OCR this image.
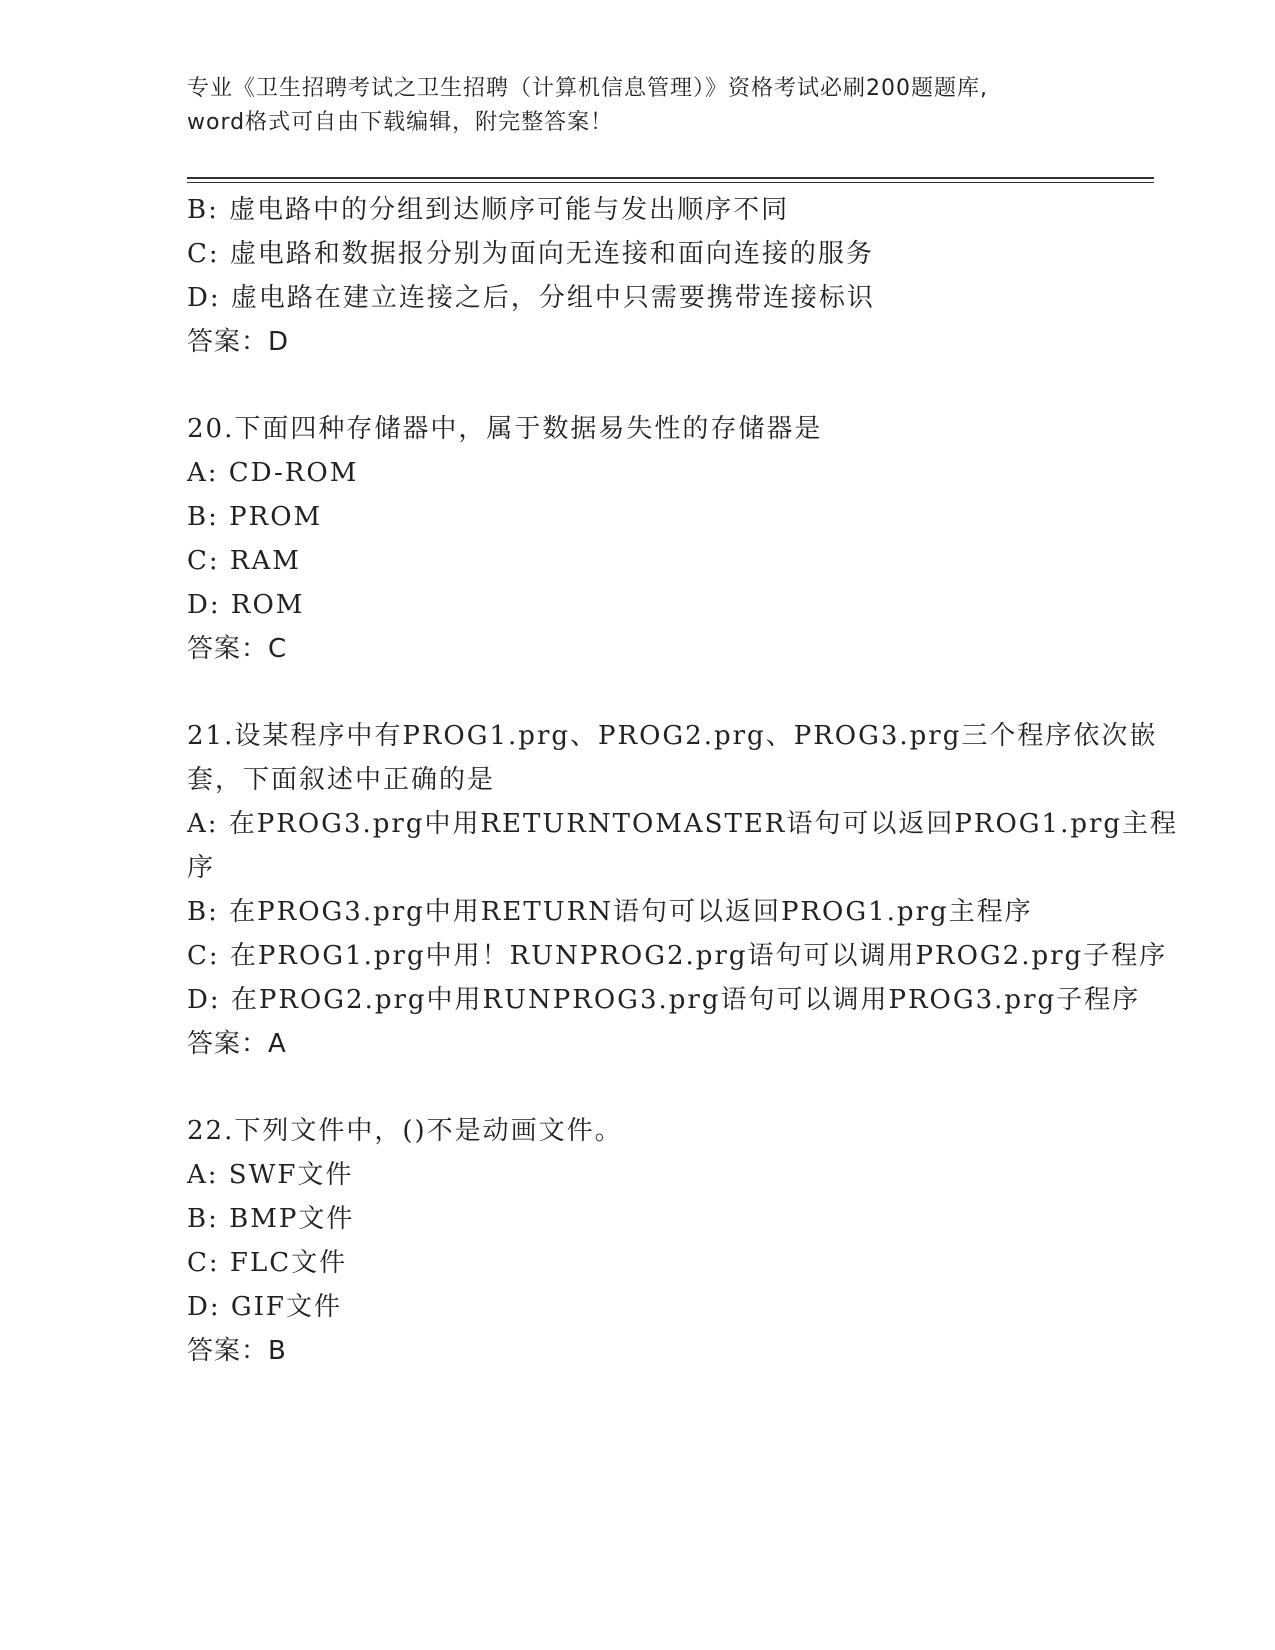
专业《卫生招聘考试之卫生招聘（计算机信息管理）》资格考试必刷200题题库,
word格式可自由下载编辑，附完整答案！
B: 虚电路中的分组到达顺序可能与发出顺序不同
C: 虚电路和数据报分别为面向无连接和面向连接的服务
D: 虚电路在建立连接之后，分组中只需要携带连接标识
答案：D
20.下面四种存储器中，属于数据易失性的存储器是
A: CD-ROM
B: PROM
C: RAM
D: ROM
答案：C
21.设某程序中有PROG1.prg、PROG2.prg、PROG3.prg三个程序依次嵌
套，下面叙述中正确的是
A: 在PROG3.prg中用RETURNTOMASTER语句可以返回PROG1.prg主程
序
B: 在PROG3.prg中用RETURN语句可以返回PROG1.prg主程序
C: 在PROG1.prg中用！RUNPROG2.prg语句可以调用PROG2.prg子程序
D: 在PROG2.prg中用RUNPROG3.prg语句可以调用PROG3.prg子程序
答案：A
22.下列文件中，()不是动画文件。
A: SWF文件
B: BMP文件
C: FLC文件
D: GIF文件
答案：B
